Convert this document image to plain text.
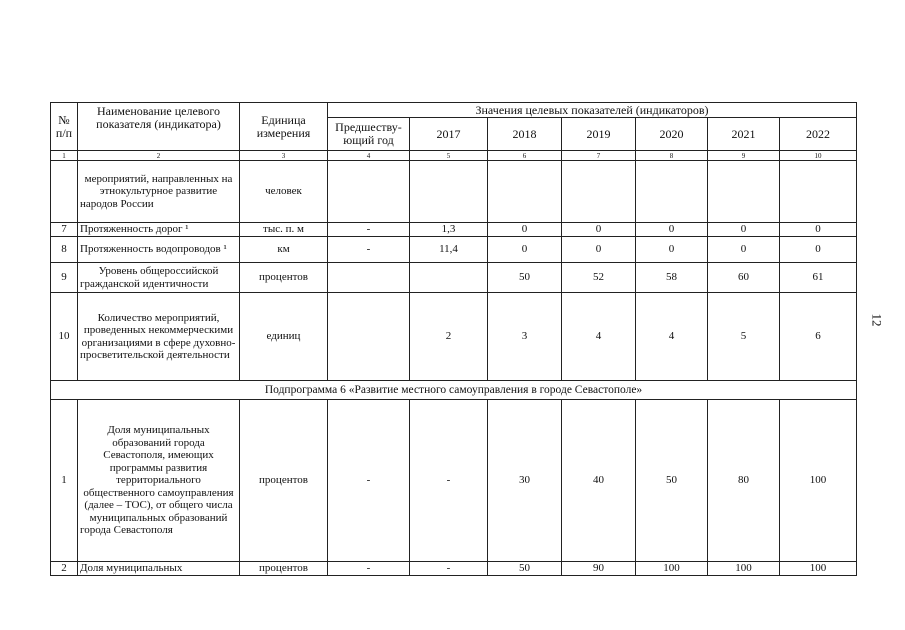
№ п/п	Наименование целевого показателя (индикатора)	Единица измерения	Значения целевых показателей (индикаторов)						
			Предшеству-ющий год	2017	2018	2019	2020	2021	2022
1	2	3	4	5	6	7	8	9	10
	мероприятий, направленных на этнокультурное развитие народов России	человек							
7	Протяженность дорог ¹	тыс. п. м	-	1,3	0	0	0	0	0
8	Протяженность водопроводов ¹	км	-	11,4	0	0	0	0	0
9	Уровень общероссийской гражданской идентичности	процентов			50	52	58	60	61
10	Количество мероприятий, проведенных некоммерческими организациями в сфере духовно-просветительской деятельности	единиц		2	3	4	4	5	6
Подпрограмма 6 «Развитие местного самоуправления в городе Севастополе»									
1	Доля муниципальных образований города Севастополя, имеющих программы развития территориального общественного самоуправления (далее – ТОС), от общего числа муниципальных образований города Севастополя	процентов	-	-	30	40	50	80	100
2	Доля муниципальных	процентов	-	-	50	90	100	100	100
12
